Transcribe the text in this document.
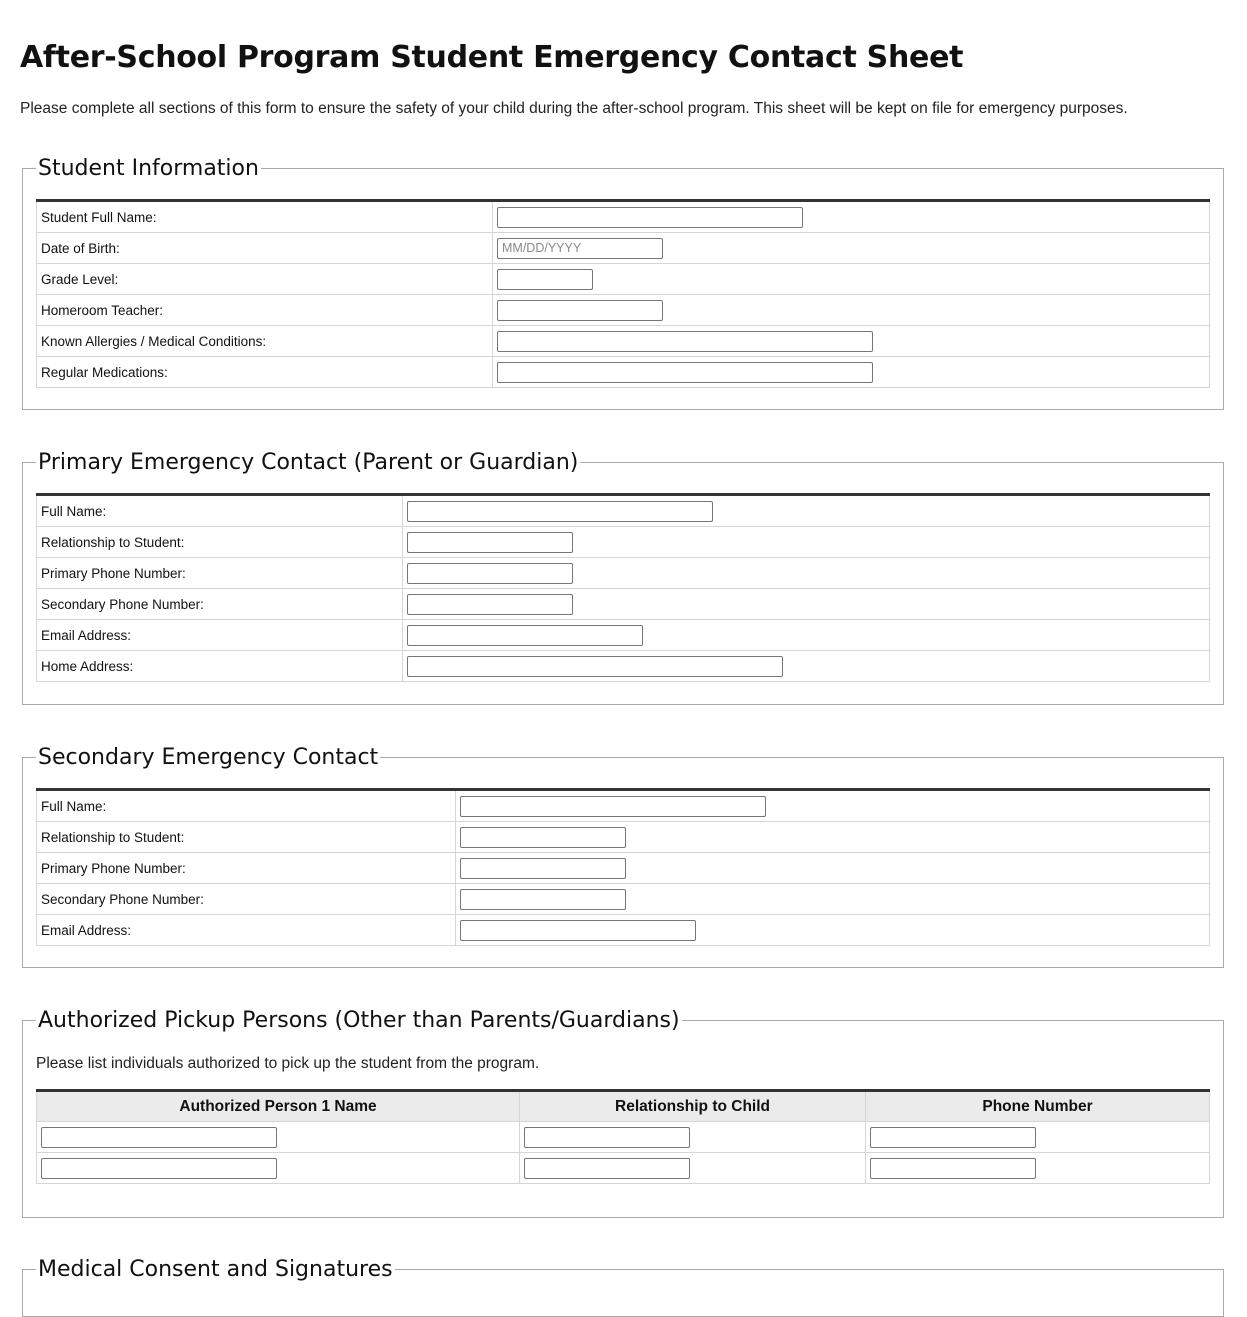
After-School Program Student Emergency Contact Sheet

Please complete all sections of this form to ensure the safety of your child during the after-school program. This sheet will be kept on file for emergency purposes.

Student Information
Student Full Name:	
Date of Birth:	MM/DD/YYYY
Grade Level:	
Homeroom Teacher:	
Known Allergies / Medical Conditions:	
Regular Medications:	
Primary Emergency Contact (Parent or Guardian)
Full Name:	
Relationship to Student:	
Primary Phone Number:	
Secondary Phone Number:	
Email Address:	
Home Address:	
Secondary Emergency Contact
Full Name:	
Relationship to Student:	
Primary Phone Number:	
Secondary Phone Number:	
Email Address:	
Authorized Pickup Persons (Other than Parents/Guardians)

Please list individuals authorized to pick up the student from the program.

Authorized Person 1 Name	Relationship to Child	Phone Number

Medical Consent and Signatures
